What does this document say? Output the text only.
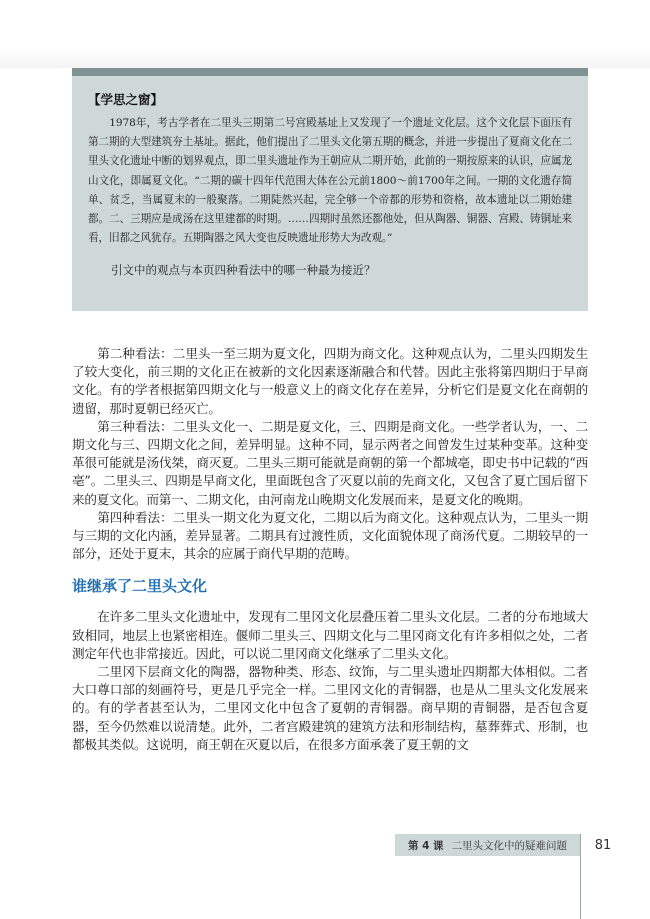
【学思之窗】

1978年，考古学者在二里头三期第二号宫殿基址上又发现了一个遗址文化层。这个文化层下面压有第二期的大型建筑夯土基址。据此，他们提出了二里头文化第五期的概念，并进一步提出了夏商文化在二里头文化遗址中断的划界观点，即二里头遗址作为王朝应从二期开始，此前的一期按原来的认识，应属龙山文化，即属夏文化。“二期的碳十四年代范围大体在公元前1800～前1700年之间。一期的文化遗存简单、贫乏，当属夏末的一般聚落。二期陡然兴起，完全够一个帝都的形势和资格，故本遗址以二期始建都。二、三期应是成汤在这里建都的时期。……四期时虽然还都他处，但从陶器、铜器、宫殿、铸铜址来看，旧都之风犹存。五期陶器之风大变也反映遗址形势大为改观。”

引文中的观点与本页四种看法中的哪一种最为接近？

第二种看法：二里头一至三期为夏文化，四期为商文化。这种观点认为，二里头四期发生了较大变化，前三期的文化正在被新的文化因素逐渐融合和代替。因此主张将第四期归于早商文化。有的学者根据第四期文化与一般意义上的商文化存在差异，分析它们是夏文化在商朝的遗留，那时夏朝已经灭亡。

第三种看法：二里头文化一、二期是夏文化，三、四期是商文化。一些学者认为，一、二期文化与三、四期文化之间，差异明显。这种不同，显示两者之间曾发生过某种变革。这种变革很可能就是汤伐桀，商灭夏。二里头三期可能就是商朝的第一个都城亳，即史书中记载的“西亳”。二里头三、四期是早商文化，里面既包含了灭夏以前的先商文化，又包含了夏亡国后留下来的夏文化。而第一、二期文化，由河南龙山晚期文化发展而来，是夏文化的晚期。

第四种看法：二里头一期文化为夏文化，二期以后为商文化。这种观点认为，二里头一期与三期的文化内涵，差异显著。二期具有过渡性质，文化面貌体现了商汤代夏。二期较早的一部分，还处于夏末，其余的应属于商代早期的范畴。

谁继承了二里头文化

在许多二里头文化遗址中，发现有二里冈文化层叠压着二里头文化层。二者的分布地域大致相同，地层上也紧密相连。偃师二里头三、四期文化与二里冈商文化有许多相似之处，二者测定年代也非常接近。因此，可以说二里冈商文化继承了二里头文化。

二里冈下层商文化的陶器，器物种类、形态、纹饰，与二里头遗址四期都大体相似。二者大口尊口部的刻画符号，更是几乎完全一样。二里冈文化的青铜器，也是从二里头文化发展来的。有的学者甚至认为，二里冈文化中包含了夏朝的青铜器。商早期的青铜器，是否包含夏器，至今仍然难以说清楚。此外，二者宫殿建筑的建筑方法和形制结构，墓葬葬式、形制，也都极其类似。这说明，商王朝在灭夏以后，在很多方面承袭了夏王朝的文

第 4 课 二里头文化中的疑难问题	81
